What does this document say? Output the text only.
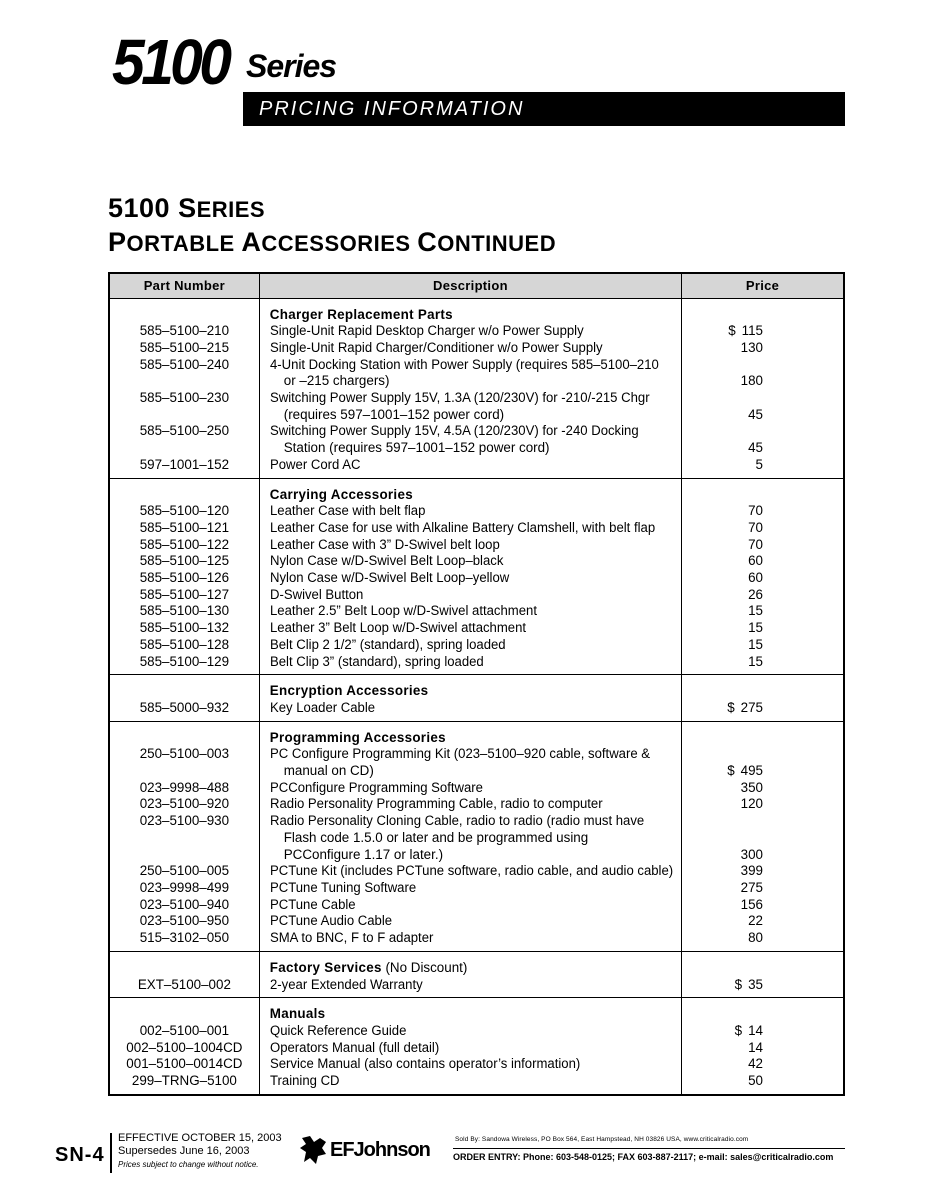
5100 Series
PRICING INFORMATION
5100 SERIES
PORTABLE ACCESSORIES CONTINUED
Part Number	Description	Price
	Charger Replacement Parts	
585–5100–210	Single-Unit Rapid Desktop Charger w/o Power Supply	$ 115
585–5100–215	Single-Unit Rapid Charger/Conditioner w/o Power Supply	130
585–5100–240	4-Unit Docking Station with Power Supply (requires 585–5100–210
or –215 chargers)	180
585–5100–230	Switching Power Supply 15V, 1.3A (120/230V) for -210/-215 Chgr
(requires 597–1001–152 power cord)	45
585–5100–250	Switching Power Supply 15V, 4.5A (120/230V) for -240 Docking
Station (requires 597–1001–152 power cord)	45
597–1001–152	Power Cord AC	5
	Carrying Accessories	
585–5100–120	Leather Case with belt flap	70
585–5100–121	Leather Case for use with Alkaline Battery Clamshell, with belt flap	70
585–5100–122	Leather Case with 3” D-Swivel belt loop	70
585–5100–125	Nylon Case w/D-Swivel Belt Loop–black	60
585–5100–126	Nylon Case w/D-Swivel Belt Loop–yellow	60
585–5100–127	D-Swivel Button	26
585–5100–130	Leather 2.5” Belt Loop w/D-Swivel attachment	15
585–5100–132	Leather 3” Belt Loop w/D-Swivel attachment	15
585–5100–128	Belt Clip 2 1/2” (standard), spring loaded	15
585–5100–129	Belt Clip 3” (standard), spring loaded	15
	Encryption Accessories	
585–5000–932	Key Loader Cable	$ 275
	Programming Accessories	
250–5100–003	PC Configure Programming Kit (023–5100–920 cable, software &
manual on CD)	$ 495
023–9998–488	PCConfigure Programming Software	350
023–5100–920	Radio Personality Programming Cable, radio to computer	120
023–5100–930	Radio Personality Cloning Cable, radio to radio (radio must have
Flash code 1.5.0 or later and be programmed using
PCConfigure 1.17 or later.)	300
250–5100–005	PCTune Kit (includes PCTune software, radio cable, and audio cable)	399
023–9998–499	PCTune Tuning Software	275
023–5100–940	PCTune Cable	156
023–5100–950	PCTune Audio Cable	22
515–3102–050	SMA to BNC, F to F adapter	80
	Factory Services (No Discount)	
EXT–5100–002	2-year Extended Warranty	$ 35
	Manuals	
002–5100–001	Quick Reference Guide	$ 14
002–5100–1004CD	Operators Manual (full detail)	14
001–5100–0014CD	Service Manual (also contains operator’s information)	42
299–TRNG–5100	Training CD	50
SN-4
EFFECTIVE OCTOBER 15, 2003
Supersedes June 16, 2003
Prices subject to change without notice.
EFJohnson	Sold By: Sandowa Wireless, PO Box 564, East Hampstead, NH 03826 USA, www.criticalradio.com
ORDER ENTRY: Phone: 603-548-0125; FAX 603-887-2117; e-mail: sales@criticalradio.com
